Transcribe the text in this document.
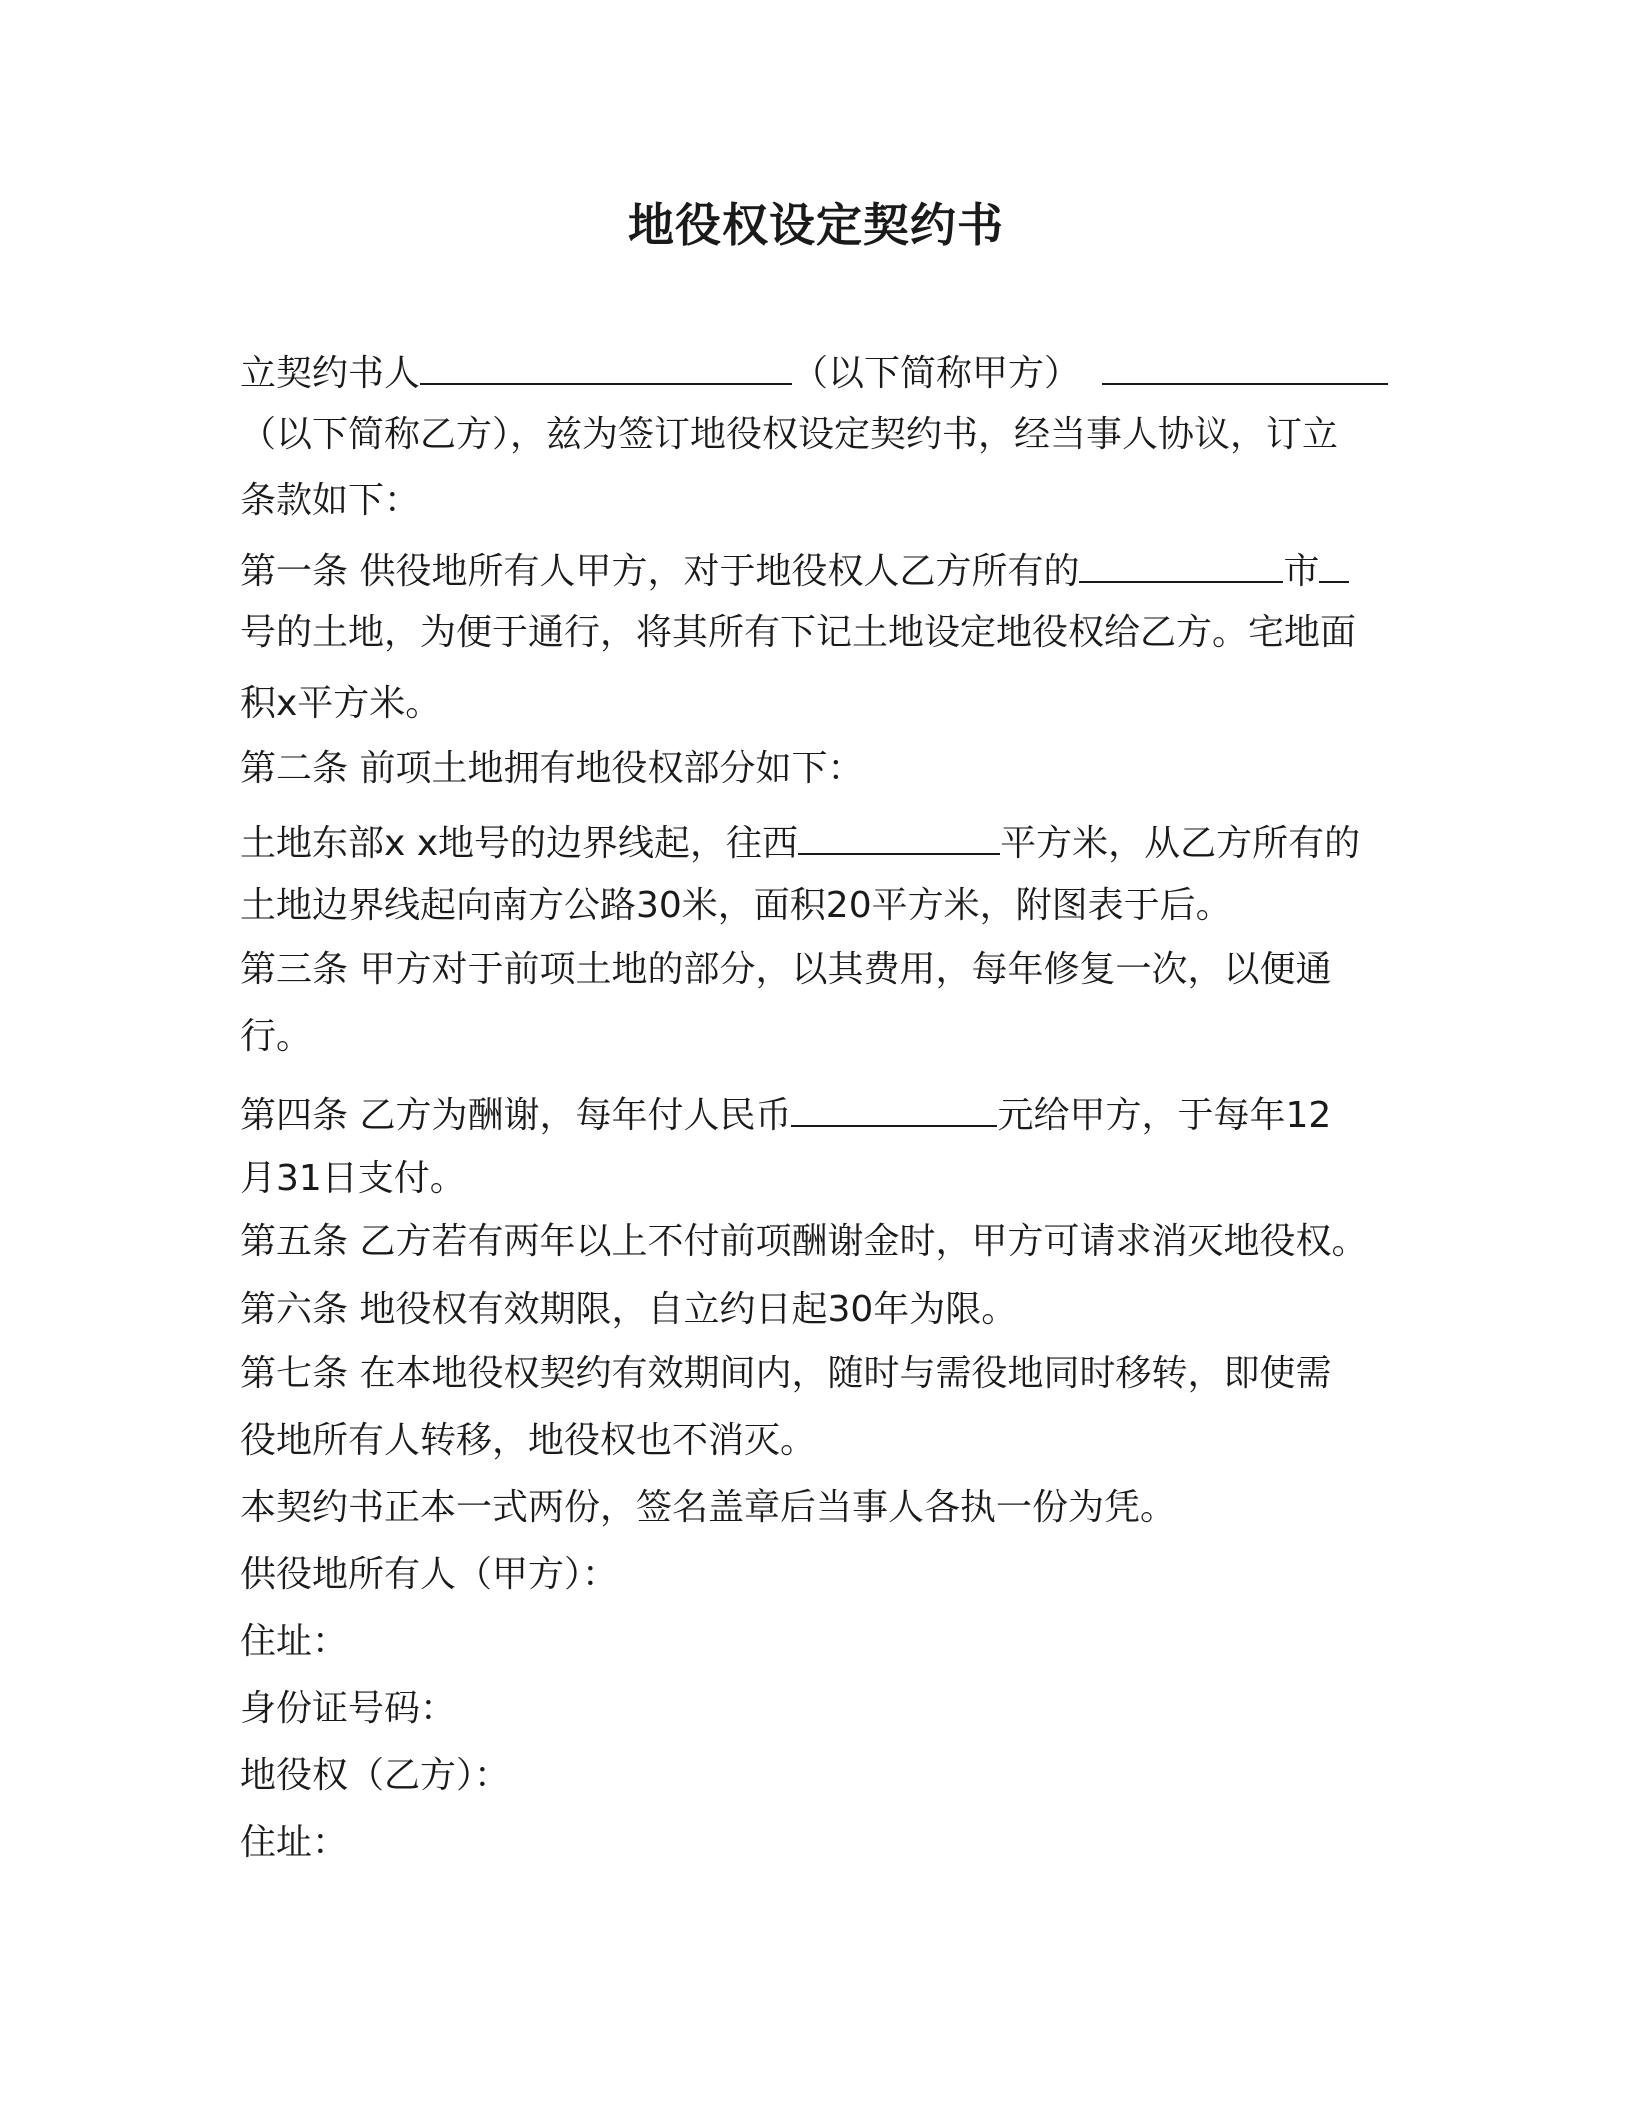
地役权设定契约书
立契约书人	（以下简称甲方）
（以下简称乙方），兹为签订地役权设定契约书，经当事人协议，订立
条款如下：
第一条 供役地所有人甲方，对于地役权人乙方所有的	市
号的土地，为便于通行，将其所有下记土地设定地役权给乙方。宅地面
积x平方米。
第二条 前项土地拥有地役权部分如下：
土地东部x x地号的边界线起，往西	平方米，从乙方所有的
土地边界线起向南方公路30米，面积20平方米，附图表于后。
第三条 甲方对于前项土地的部分，以其费用，每年修复一次，以便通
行。
第四条 乙方为酬谢，每年付人民币	元给甲方，于每年12
月31日支付。
第五条 乙方若有两年以上不付前项酬谢金时，甲方可请求消灭地役权。
第六条 地役权有效期限，自立约日起30年为限。
第七条 在本地役权契约有效期间内，随时与需役地同时移转，即使需
役地所有人转移，地役权也不消灭。
本契约书正本一式两份，签名盖章后当事人各执一份为凭。
供役地所有人（甲方）：
住址：
身份证号码：
地役权（乙方）：
住址：
